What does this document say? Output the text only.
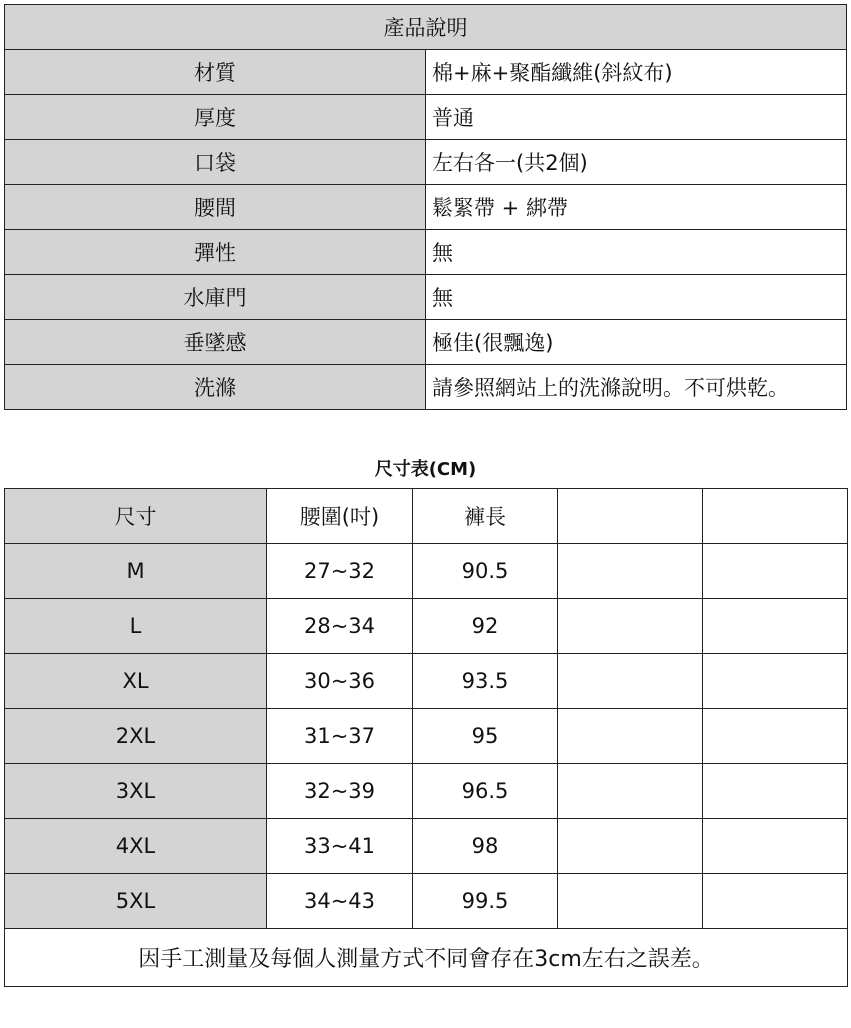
產品說明	
材質	棉+麻+聚酯纖維(斜紋布)
厚度	普通
口袋	左右各一(共2個)
腰間	鬆緊帶 + 綁帶
彈性	無
水庫門	無
垂墜感	極佳(很飄逸)
洗滌	請參照網站上的洗滌說明。不可烘乾。
尺寸表(CM)
尺寸	腰圍(吋)	褲長		
M	27~32	90.5		
L	28~34	92		
XL	30~36	93.5		
2XL	31~37	95		
3XL	32~39	96.5		
4XL	33~41	98		
5XL	34~43	99.5		
因手工測量及每個人測量方式不同會存在3cm左右之誤差。				
